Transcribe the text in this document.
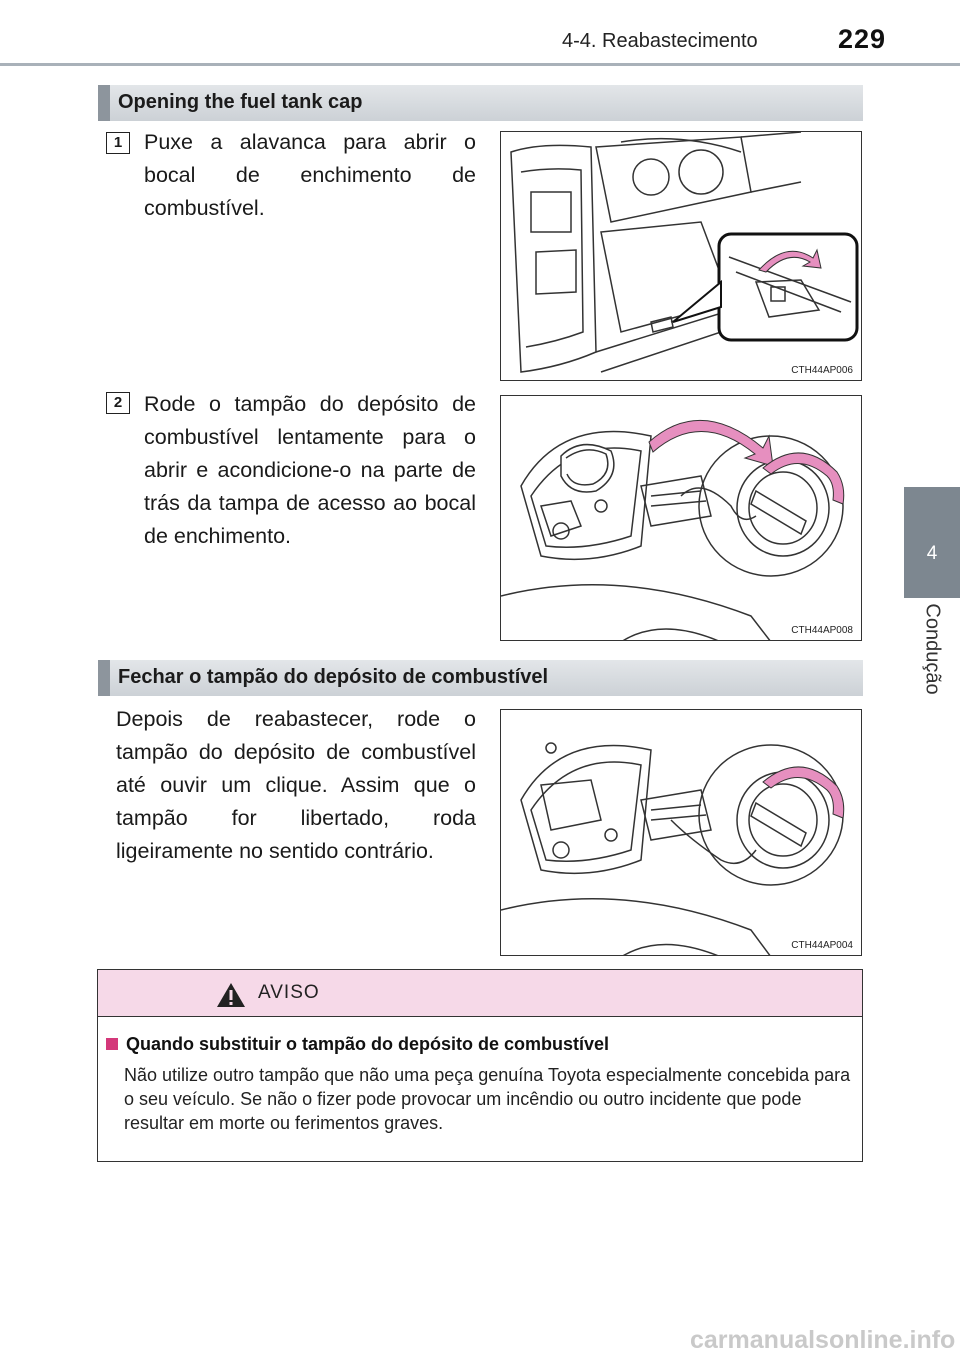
4-4. Reabastecimento	229
4
Condução
Opening the fuel tank cap
1	Puxe a alavanca para abrir o bocal de enchimento de combustível.
CTH44AP006
2	Rode o tampão do depósito de combustível lentamente para o abrir e acondicione-o na parte de trás da tampa de acesso ao bocal de enchimento.
CTH44AP008
Fechar o tampão do depósito de combustível
Depois de reabastecer, rode o tampão do depósito de combustível até ouvir um clique. Assim que o tampão for libertado, roda ligeiramente no sentido contrário.
CTH44AP004
AVISO
Quando substituir o tampão do depósito de combustível
Não utilize outro tampão que não uma peça genuína Toyota especialmente concebida para o seu veículo. Se não o fizer pode provocar um incêndio ou outro incidente que pode resultar em morte ou ferimentos graves.
carmanualsonline.info
